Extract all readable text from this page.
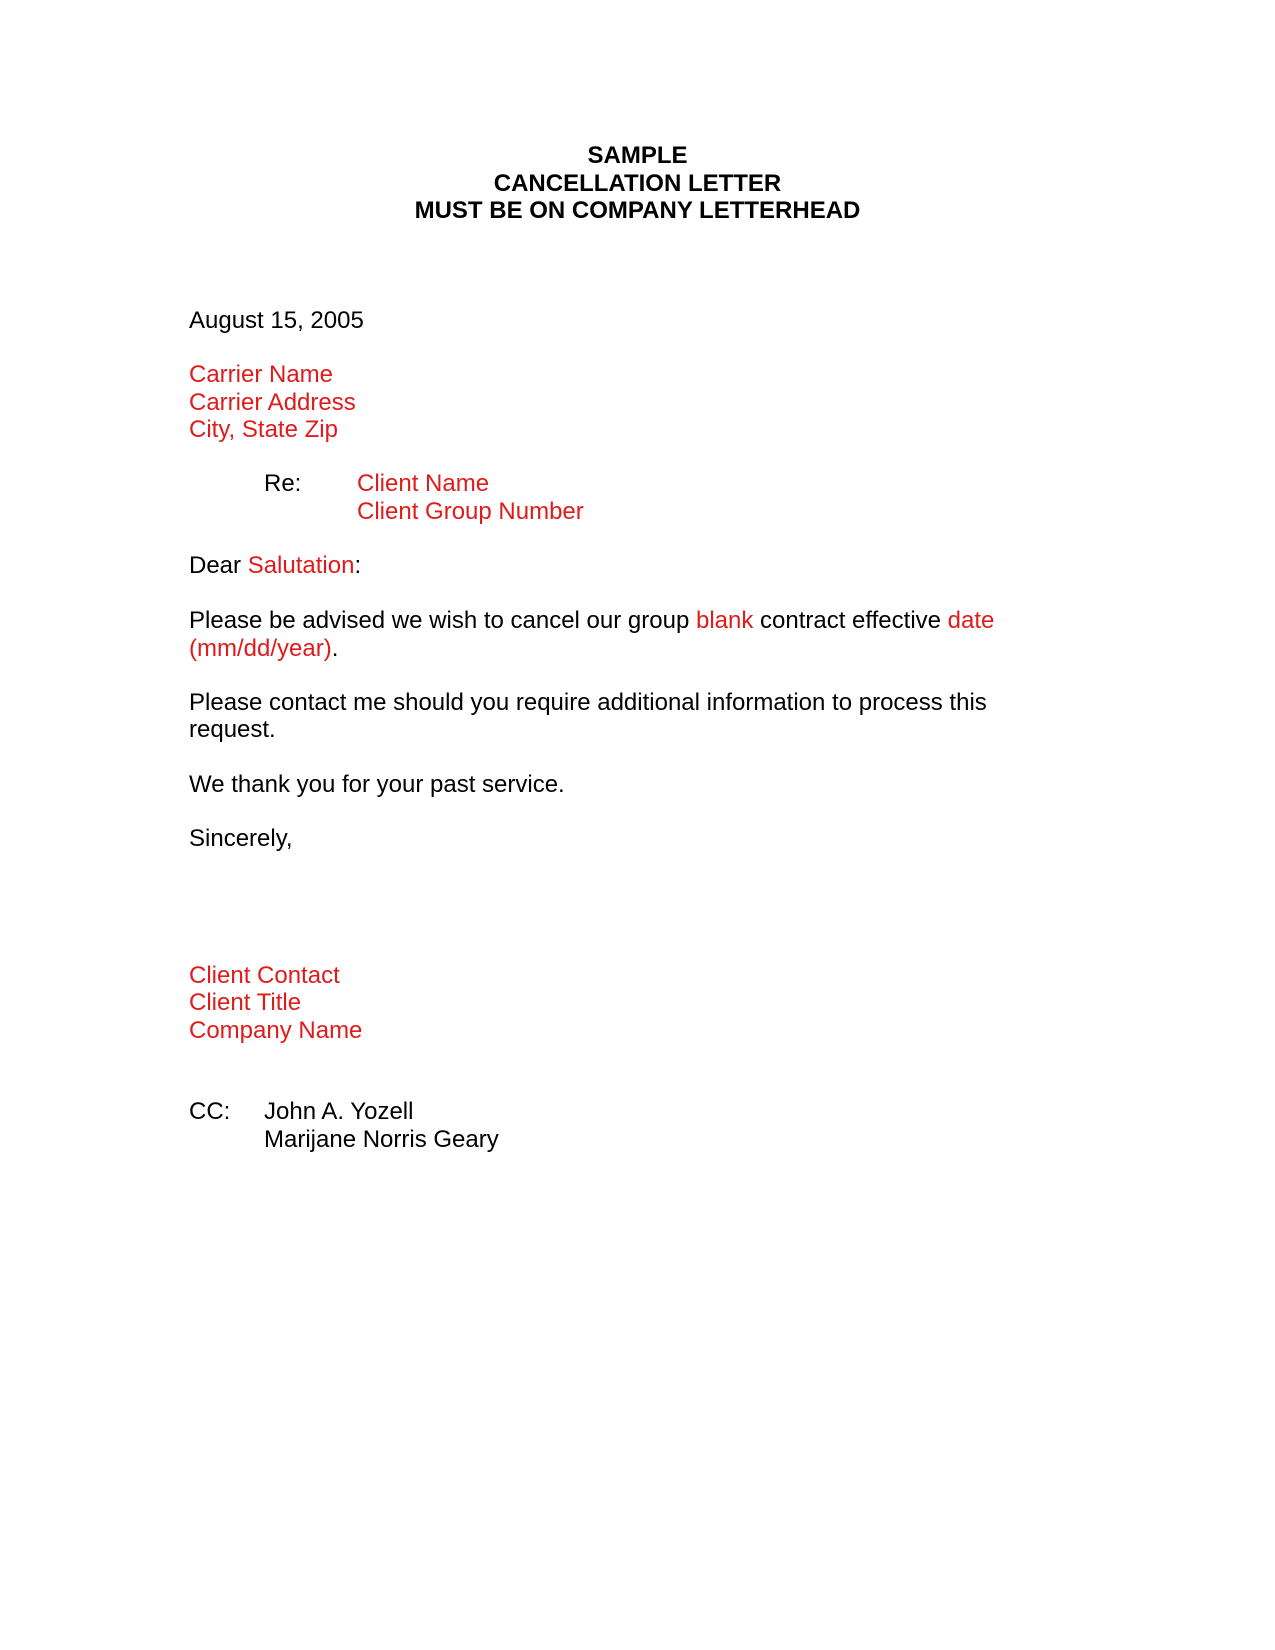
SAMPLE
CANCELLATION LETTER
MUST BE ON COMPANY LETTERHEAD
August 15, 2005
Carrier Name
Carrier Address
City, State Zip
Re: Client Name
Client Group Number
Dear Salutation:
Please be advised we wish to cancel our group blank contract effective date
(mm/dd/year).
Please contact me should you require additional information to process this
request.
We thank you for your past service.
Sincerely,
Client Contact
Client Title
Company Name
CC: John A. Yozell
Marijane Norris Geary
